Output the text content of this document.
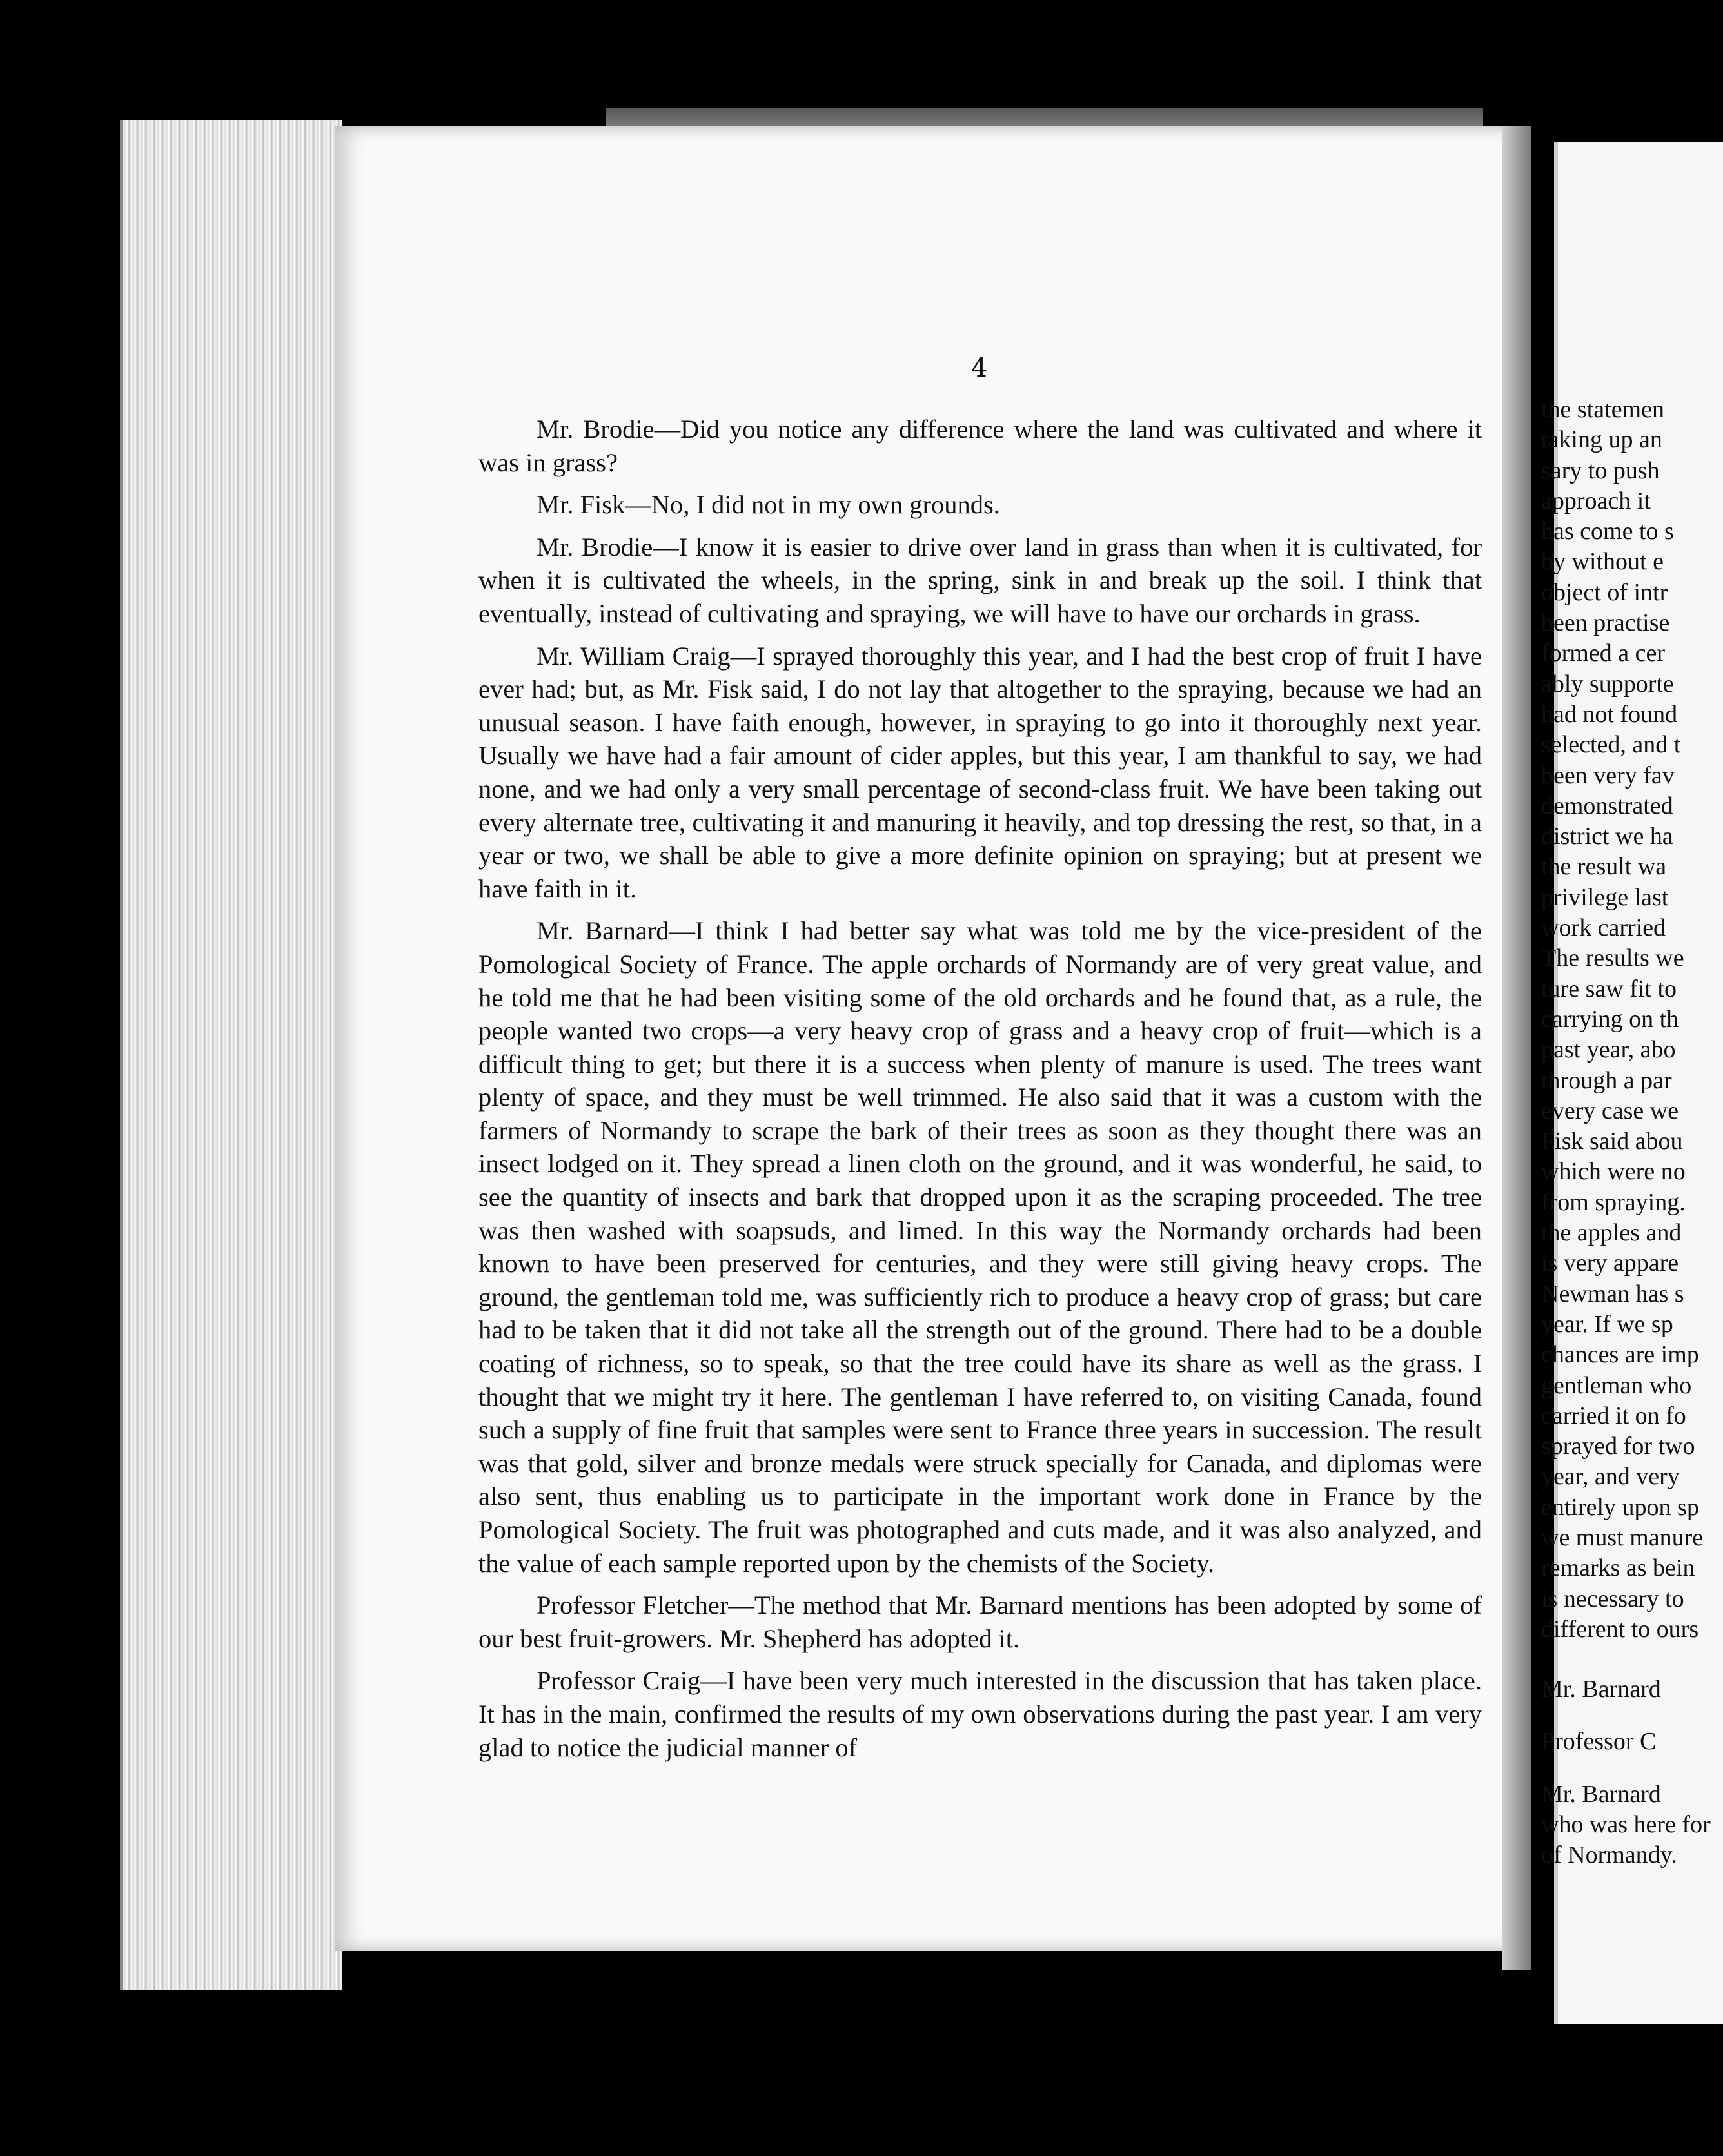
4

Mr. Brodie—Did you notice any difference where the land was cultivated and where it was in grass?

Mr. Fisk—No, I did not in my own grounds.

Mr. Brodie—I know it is easier to drive over land in grass than when it is cultivated, for when it is cultivated the wheels, in the spring, sink in and break up the soil. I think that eventually, instead of cultivating and spraying, we will have to have our orchards in grass.

Mr. William Craig—I sprayed thoroughly this year, and I had the best crop of fruit I have ever had; but, as Mr. Fisk said, I do not lay that altogether to the spraying, because we had an unusual season. I have faith enough, however, in spraying to go into it thoroughly next year. Usually we have had a fair amount of cider apples, but this year, I am thankful to say, we had none, and we had only a very small percentage of second-class fruit. We have been taking out every alternate tree, cultivating it and manuring it heavily, and top dressing the rest, so that, in a year or two, we shall be able to give a more definite opinion on spraying; but at present we have faith in it.

Mr. Barnard—I think I had better say what was told me by the vice-president of the Pomological Society of France. The apple orchards of Normandy are of very great value, and he told me that he had been visiting some of the old orchards and he found that, as a rule, the people wanted two crops—a very heavy crop of grass and a heavy crop of fruit—which is a difficult thing to get; but there it is a success when plenty of manure is used. The trees want plenty of space, and they must be well trimmed. He also said that it was a custom with the farmers of Normandy to scrape the bark of their trees as soon as they thought there was an insect lodged on it. They spread a linen cloth on the ground, and it was wonderful, he said, to see the quantity of insects and bark that dropped upon it as the scraping proceeded. The tree was then washed with soapsuds, and limed. In this way the Normandy orchards had been known to have been preserved for centuries, and they were still giving heavy crops. The ground, the gentleman told me, was sufficiently rich to produce a heavy crop of grass; but care had to be taken that it did not take all the strength out of the ground. There had to be a double coating of richness, so to speak, so that the tree could have its share as well as the grass. I thought that we might try it here. The gentleman I have referred to, on visiting Canada, found such a supply of fine fruit that samples were sent to France three years in succession. The result was that gold, silver and bronze medals were struck specially for Canada, and diplomas were also sent, thus enabling us to participate in the important work done in France by the Pomological Society. The fruit was photographed and cuts made, and it was also analyzed, and the value of each sample reported upon by the chemists of the Society.

Professor Fletcher—The method that Mr. Barnard mentions has been adopted by some of our best fruit-growers. Mr. Shepherd has adopted it.

Professor Craig—I have been very much interested in the discussion that has taken place. It has in the main, confirmed the results of my own observations during the past year. I am very glad to notice the judicial manner of

the statemen
taking up an
sary to push
approach it
has come to s
by without e
object of intr
been practise
formed a cer
ably supporte
had not found
selected, and t
been very fav
demonstrated
district we ha
the result wa
privilege last
work carried
The results we
ture saw fit to
carrying on th
past year, abo
through a par
every case we
Fisk said abou
which were no
from spraying.
the apples and
is very appare
Newman has s
year. If we sp
chances are imp
gentleman who
carried it on fo
sprayed for two
year, and very
entirely upon sp
we must manure
remarks as bein
is necessary to
different to ours
Mr. Barnard
Professor C
Mr. Barnard
who was here for
of Normandy.
